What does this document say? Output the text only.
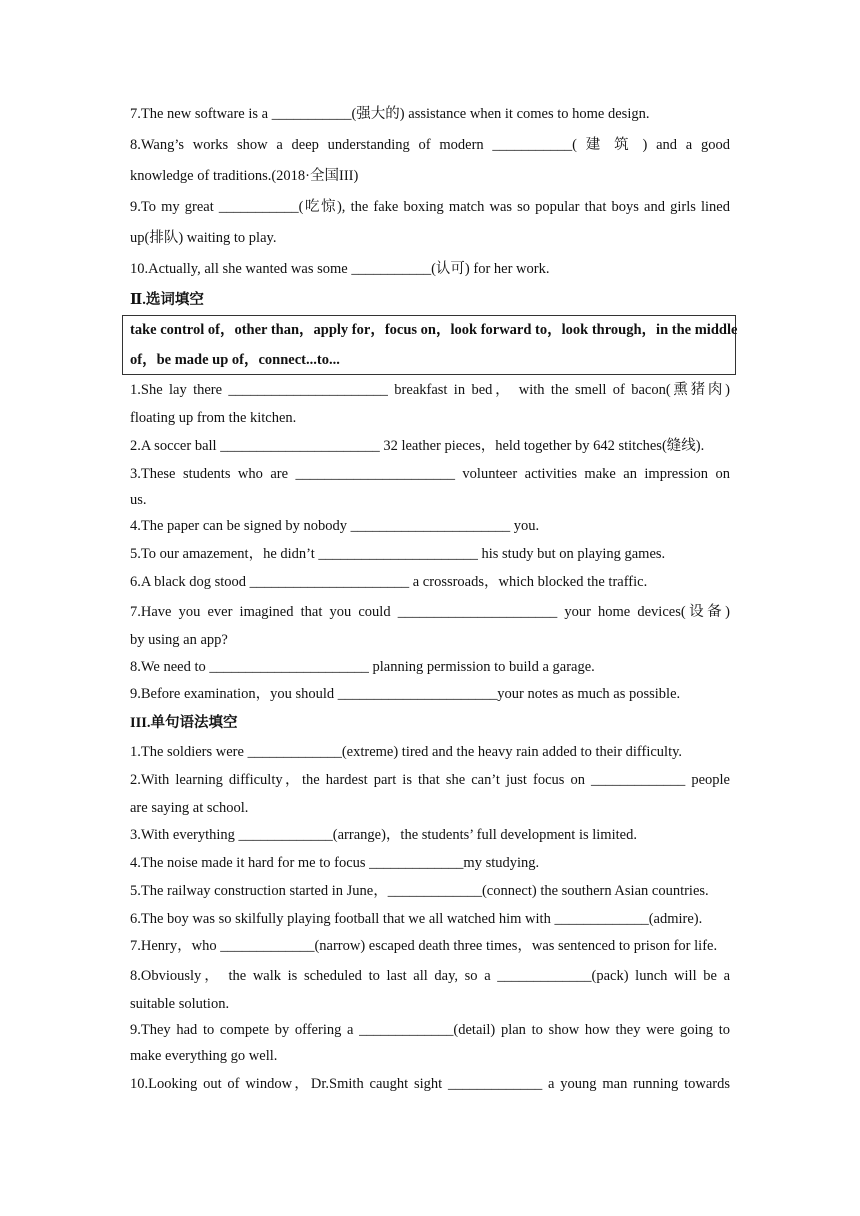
7.The new software is a ___________(强大的) assistance when it comes to home design.
8.Wang’s works show a deep understanding of modern ___________( 建 筑 ) and a good
knowledge of traditions.(2018·全国III)
9.To my great ___________(吃惊), the fake boxing match was so popular that boys and girls lined
up(排队) waiting to play.
10.Actually, all she wanted was some ___________(认可) for her work.
Ⅱ.选词填空
take control of，other than，apply for，focus on，look forward to，look through，in the middle
of，be made up of，connect...to...
1.She lay there ______________________ breakfast in bed， with the smell of bacon(熏猪肉)
floating up from the kitchen.
2.A soccer ball ______________________ 32 leather pieces，held together by 642 stitches(缝线).
3.These students who are ______________________ volunteer activities make an impression on
us.
4.The paper can be signed by nobody ______________________ you.
5.To our amazement，he didn’t ______________________ his study but on playing games.
6.A black dog stood ______________________ a crossroads，which blocked the traffic.
7.Have you ever imagined that you could ______________________ your home devices(设备)
by using an app?
8.We need to ______________________ planning permission to build a garage.
9.Before examination，you should ______________________your notes as much as possible.
III.单句语法填空
1.The soldiers were _____________(extreme) tired and the heavy rain added to their difficulty.
2.With learning difficulty，the hardest part is that she can’t just focus on _____________ people
are saying at school.
3.With everything _____________(arrange)，the students’ full development is limited.
4.The noise made it hard for me to focus _____________my studying.
5.The railway construction started in June，_____________(connect) the southern Asian countries.
6.The boy was so skilfully playing football that we all watched him with _____________(admire).
7.Henry，who _____________(narrow) escaped death three times，was sentenced to prison for life.
8.Obviously， the walk is scheduled to last all day, so a _____________(pack) lunch will be a
suitable solution.
9.They had to compete by offering a _____________(detail) plan to show how they were going to
make everything go well.
10.Looking out of window，Dr.Smith caught sight _____________ a young man running towards
